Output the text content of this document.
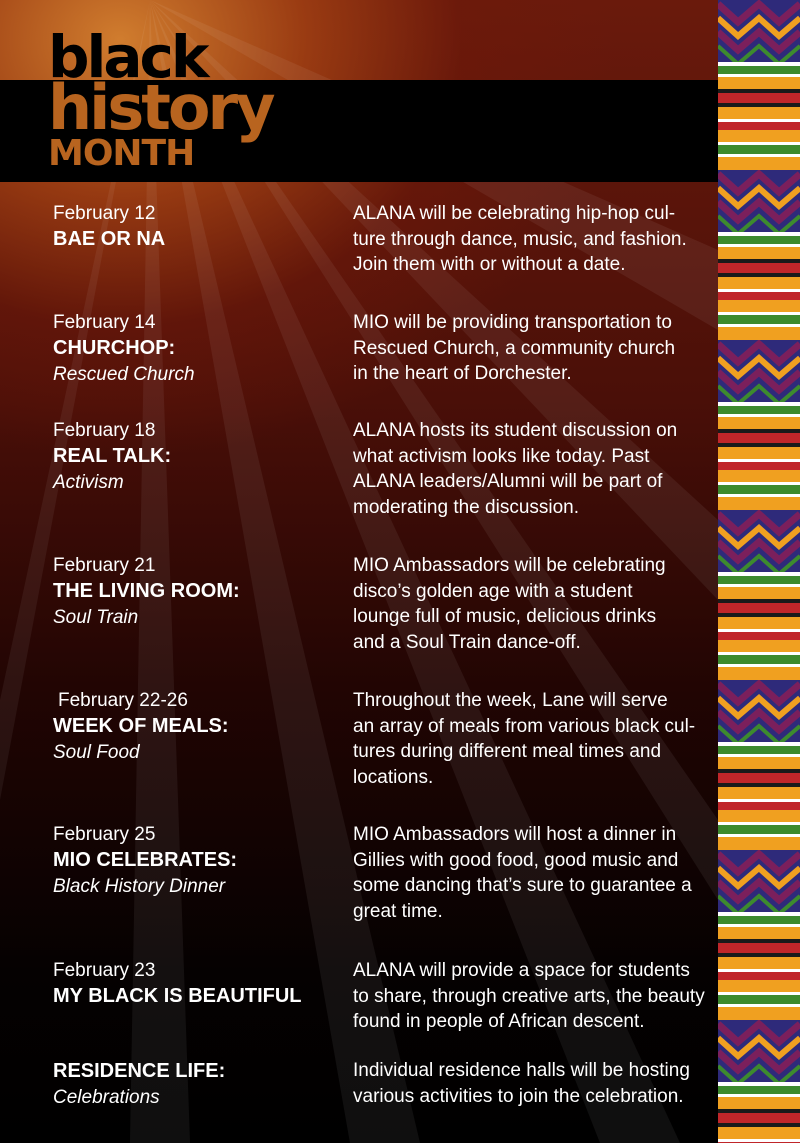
black
history
MONTH
February 12
BAE OR NA
ALANA will be celebrating hip-hop cul-
ture through dance, music, and fashion.
Join them with or without a date.
February 14
CHURCHOP:
Rescued Church
MIO will be providing transportation to
Rescued Church, a community church
in the heart of Dorchester.
February 18
REAL TALK:
Activism
ALANA hosts its student discussion on
what activism looks like today. Past
ALANA leaders/Alumni will be part of
moderating the discussion.
February 21
THE LIVING ROOM:
Soul Train
MIO Ambassadors will be celebrating
disco’s golden age with a student
lounge full of music, delicious drinks
and a Soul Train dance-off.
February 22-26
WEEK OF MEALS:
Soul Food
Throughout the week, Lane will serve
an array of meals from various black cul-
tures during different meal times and
locations.
February 25
MIO CELEBRATES:
Black History Dinner
MIO Ambassadors will host a dinner in
Gillies with good food, good music and
some dancing that’s sure to guarantee a
great time.
February 23
MY BLACK IS BEAUTIFUL
ALANA will provide a space for students
to share, through creative arts, the beauty
found in people of African descent.
RESIDENCE LIFE:
Celebrations
Individual residence halls will be hosting
various activities to join the celebration.
